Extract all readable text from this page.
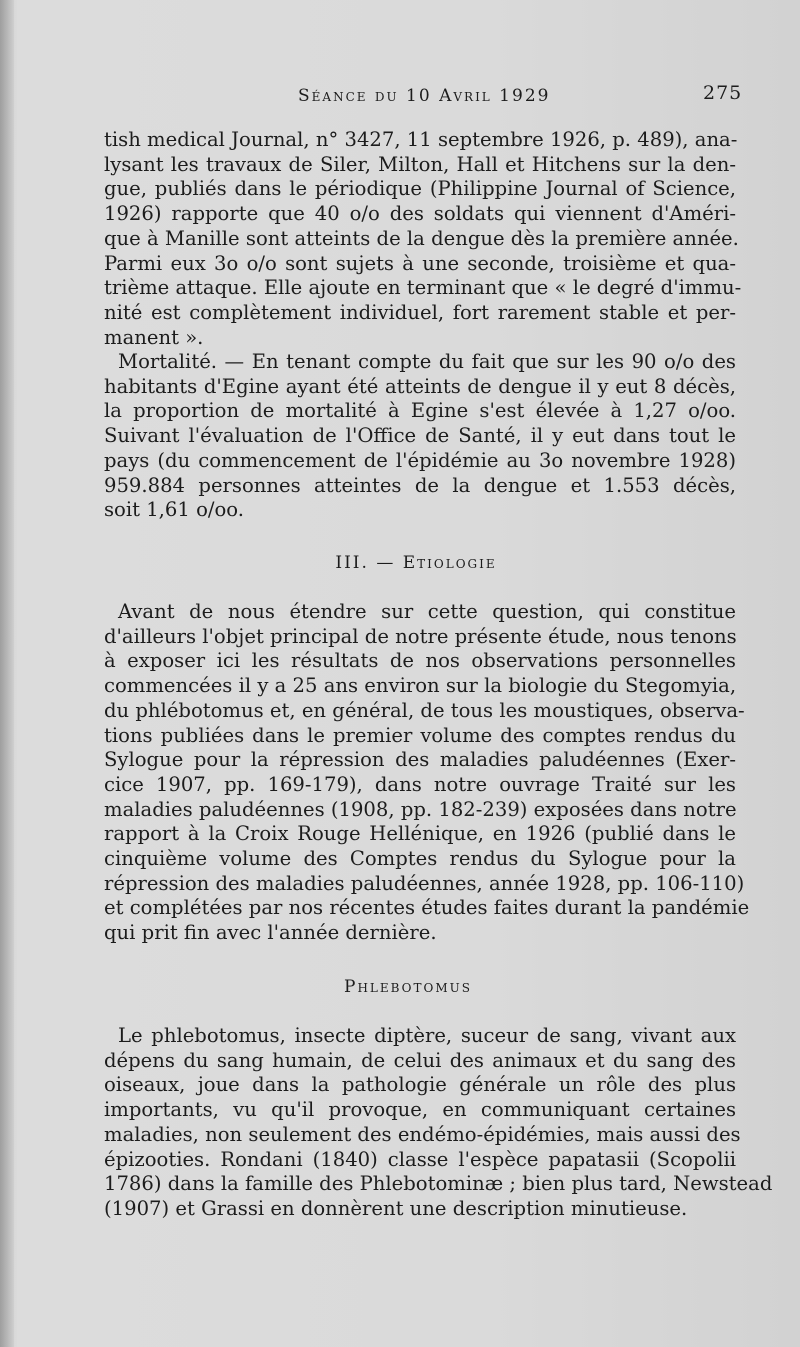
Séance du 10 Avril 1929	275
tish medical Journal, n° 3427, 11 septembre 1926, p. 489), ana-
lysant les travaux de Siler, Milton, Hall et Hitchens sur la den-
gue, publiés dans le périodique (Philippine Journal of Science,
1926) rapporte que 40 o/o des soldats qui viennent d'Améri-
que à Manille sont atteints de la dengue dès la première année.
Parmi eux 3o o/o sont sujets à une seconde, troisième et qua-
trième attaque. Elle ajoute en terminant que « le degré d'immu-
nité est complètement individuel, fort rarement stable et per-
manent ».
Mortalité. — En tenant compte du fait que sur les 90 o/o des
habitants d'Egine ayant été atteints de dengue il y eut 8 décès,
la proportion de mortalité à Egine s'est élevée à 1,27 o/oo.
Suivant l'évaluation de l'Office de Santé, il y eut dans tout le
pays (du commencement de l'épidémie au 3o novembre 1928)
959.884 personnes atteintes de la dengue et 1.553 décès,
soit 1,61 o/oo.
III. — Etiologie
Avant de nous étendre sur cette question, qui constitue
d'ailleurs l'objet principal de notre présente étude, nous tenons
à exposer ici les résultats de nos observations personnelles
commencées il y a 25 ans environ sur la biologie du Stegomyia,
du phlébotomus et, en général, de tous les moustiques, observa-
tions publiées dans le premier volume des comptes rendus du
Sylogue pour la répression des maladies paludéennes (Exer-
cice 1907, pp. 169-179), dans notre ouvrage Traité sur les
maladies paludéennes (1908, pp. 182-239) exposées dans notre
rapport à la Croix Rouge Hellénique, en 1926 (publié dans le
cinquième volume des Comptes rendus du Sylogue pour la
répression des maladies paludéennes, année 1928, pp. 106-110)
et complétées par nos récentes études faites durant la pandémie
qui prit fin avec l'année dernière.
Phlebotomus
Le phlebotomus, insecte diptère, suceur de sang, vivant aux
dépens du sang humain, de celui des animaux et du sang des
oiseaux, joue dans la pathologie générale un rôle des plus
importants, vu qu'il provoque, en communiquant certaines
maladies, non seulement des endémo-épidémies, mais aussi des
épizooties. Rondani (1840) classe l'espèce papatasii (Scopolii
1786) dans la famille des Phlebotominæ ; bien plus tard, Newstead
(1907) et Grassi en donnèrent une description minutieuse.
